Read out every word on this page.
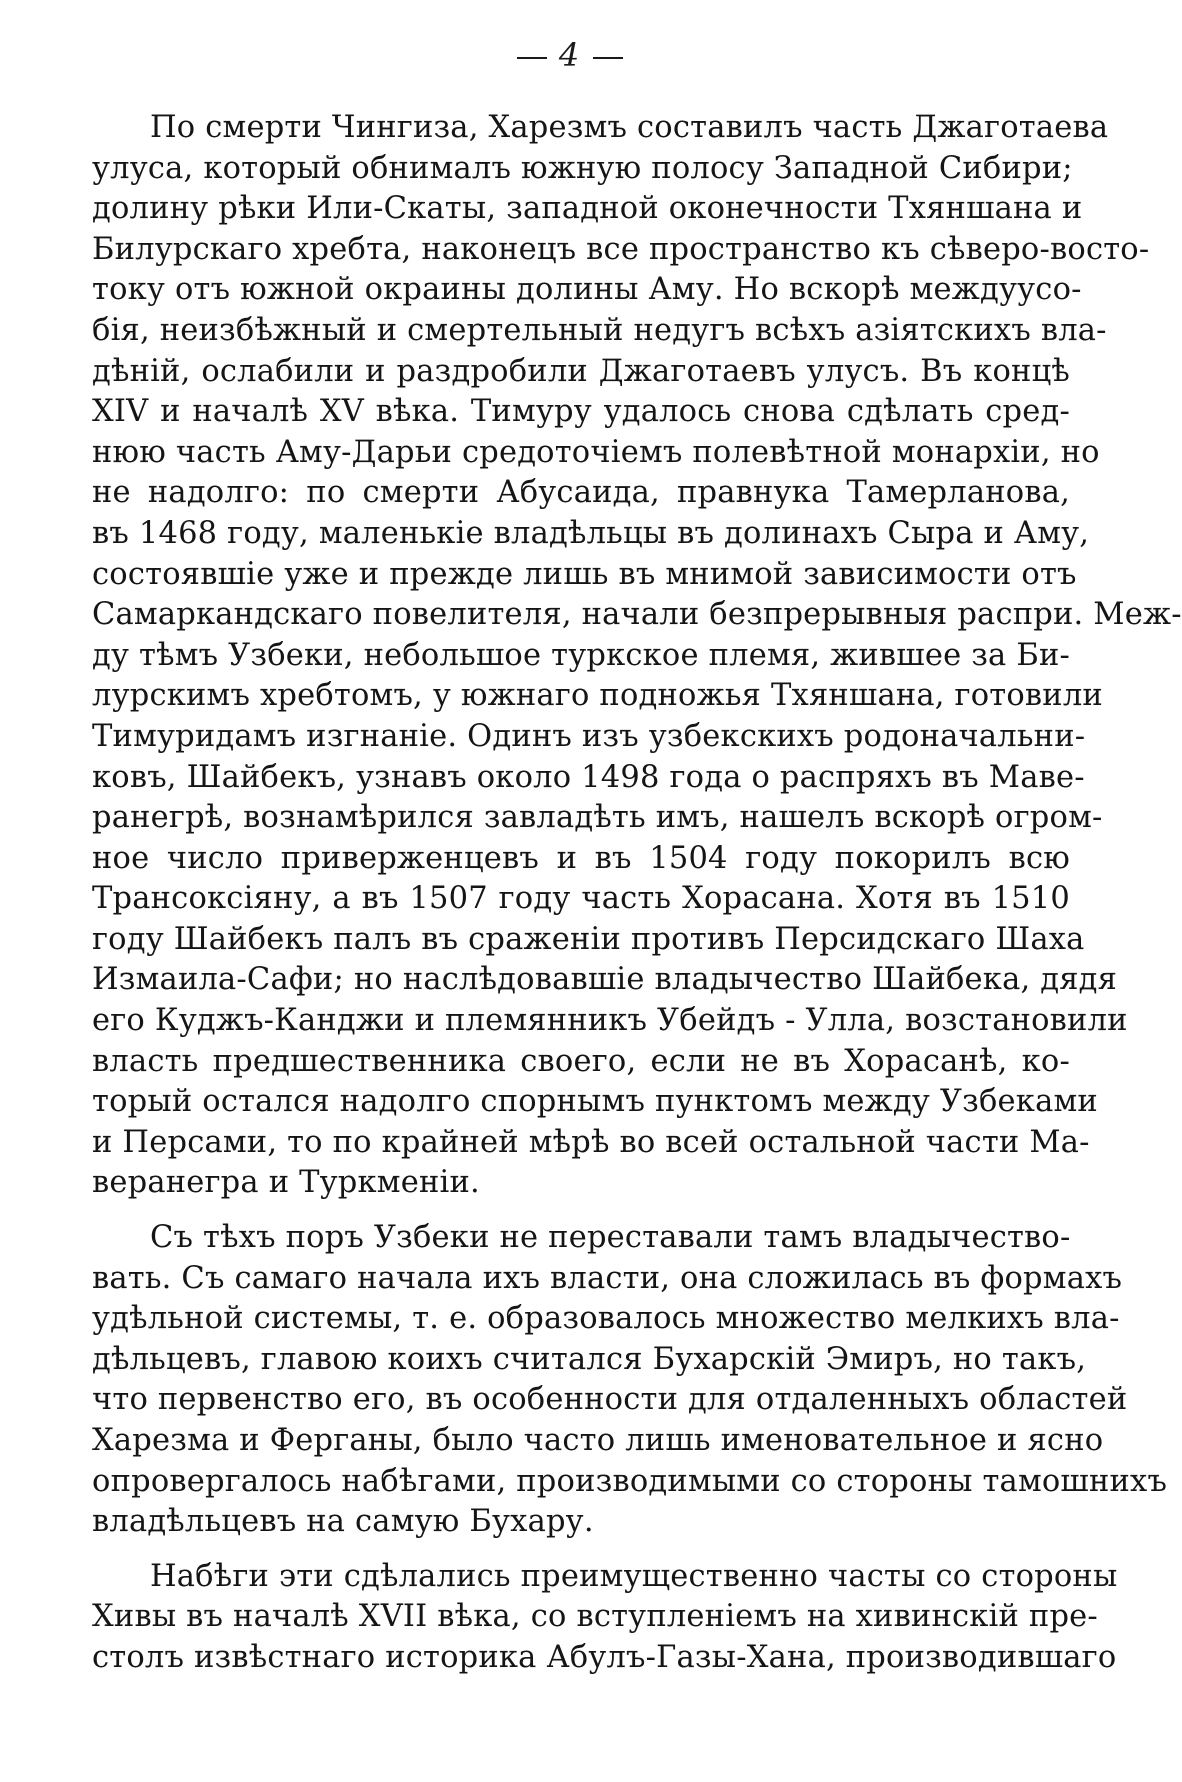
4
По смерти Чингиза, Харезмъ составилъ часть Джаготаева
улуса, который обнималъ южную полосу Западной Сибири;
долину рѣки Или-Скаты, западной оконечности Тхяншана и
Билурскаго хребта, наконецъ все пространство къ сѣверо-восто-
току отъ южной окраины долины Аму. Но вскорѣ междуусо-
бія, неизбѣжный и смертельный недугъ всѣхъ азіятскихъ вла-
дѣній, ослабили и раздробили Джаготаевъ улусъ. Въ концѣ
XIV и началѣ XV вѣка. Тимуру удалось снова сдѣлать сред-
нюю часть Аму-Дарьи средоточіемъ полевѣтной монархіи, но
не надолго: по смерти Абусаида, правнука Тамерланова,
въ 1468 году, маленькіе владѣльцы въ долинахъ Сыра и Аму,
состоявшіе уже и прежде лишь въ мнимой зависимости отъ
Самаркандскаго повелителя, начали безпрерывныя распри. Меж-
ду тѣмъ Узбеки, небольшое туркское племя, жившее за Би-
лурскимъ хребтомъ, у южнаго подножья Тхяншана, готовили
Тимуридамъ изгнаніе. Одинъ изъ узбекскихъ родоначальни-
ковъ, Шайбекъ, узнавъ около 1498 года о распряхъ въ Мавe-
ранегрѣ, вознамѣрился завладѣть имъ, нашелъ вскорѣ огром-
ное число приверженцевъ и въ 1504 году покорилъ всю
Трансоксіяну, а въ 1507 году часть Хорасана. Хотя въ 1510
году Шайбекъ палъ въ сраженіи противъ Персидскаго Шаха
Измаила-Сафи; но наслѣдовавшіе владычество Шайбека, дядя
его Куджъ-Канджи и племянникъ Убейдъ - Улла, возстановили
власть предшественника своего, если не въ Хорасанѣ, ко-
торый остался надолго спорнымъ пунктомъ между Узбеками
и Персами, то по крайней мѣрѣ во всей остальной части Ма-
вeранегра и Туркменіи.
Съ тѣхъ поръ Узбеки не переставали тамъ владычество-
вать. Съ самаго начала ихъ власти, она сложилась въ формахъ
удѣльной системы, т. е. образовалось множество мелкихъ вла-
дѣльцевъ, главою коихъ считался Бухарскій Эмиръ, но такъ,
что первенство его, въ особенности для отдаленныхъ областей
Харезма и Ферганы, было часто лишь именовательное и ясно
опровергалось набѣгами, производимыми со стороны тамошнихъ
владѣльцевъ на самую Бухару.
Набѣги эти сдѣлались преимущественно часты со стороны
Хивы въ началѣ XVII вѣка, со вступленіемъ на хивинскій пре-
столъ извѣстнаго историка Абулъ-Газы-Хана, производившаго
